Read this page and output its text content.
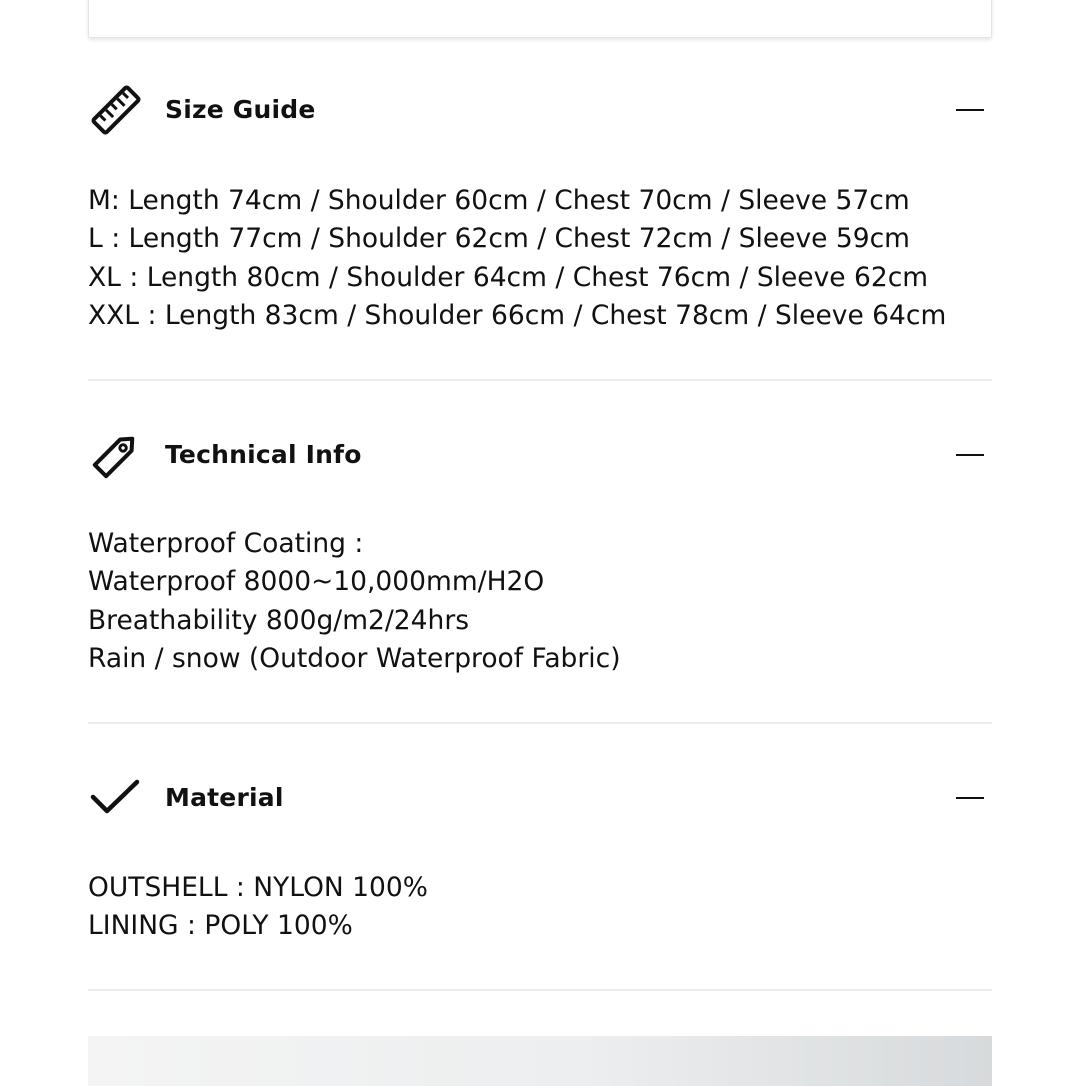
Size Guide
M: Length 74cm / Shoulder 60cm / Chest 70cm / Sleeve 57cm
L : Length 77cm / Shoulder 62cm / Chest 72cm / Sleeve 59cm
XL : Length 80cm / Shoulder 64cm / Chest 76cm / Sleeve 62cm
XXL : Length 83cm / Shoulder 66cm / Chest 78cm / Sleeve 64cm
Technical Info
Waterproof Coating :
Waterproof 8000~10,000mm/H2O
Breathability 800g/m2/24hrs
Rain / snow (Outdoor Waterproof Fabric)
Material
OUTSHELL : NYLON 100%
LINING : POLY 100%
